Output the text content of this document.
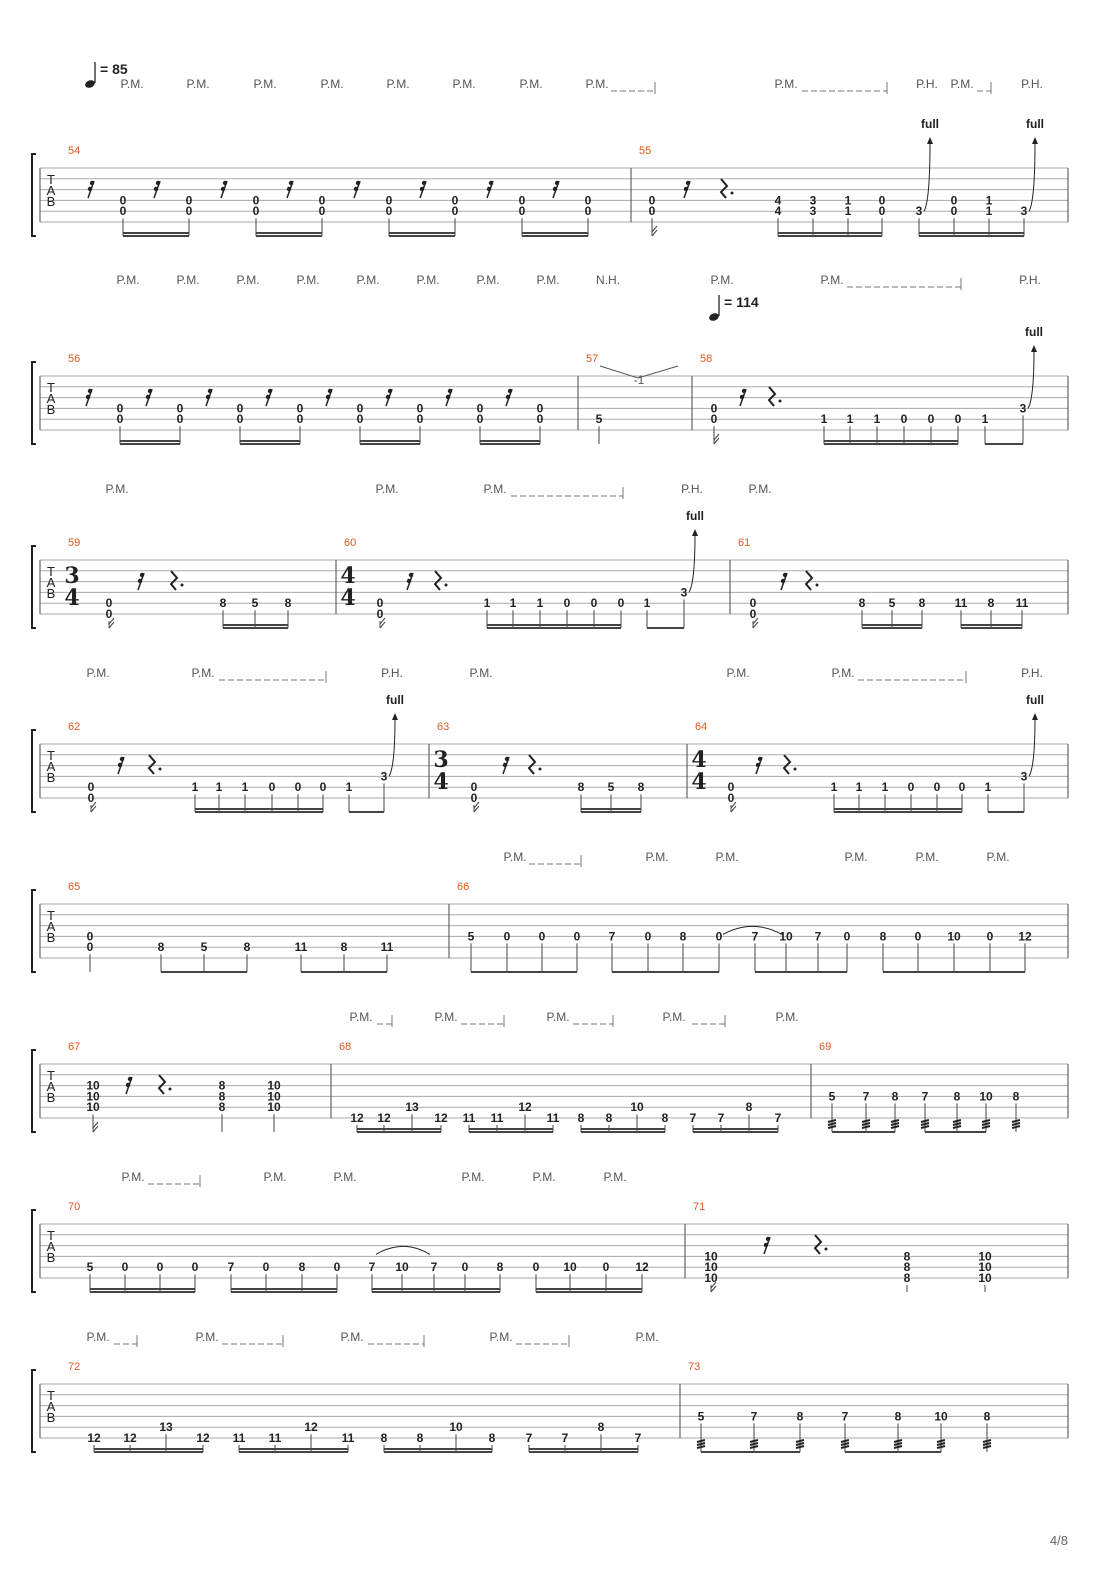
T
A
B
54	55
P.M.	P.M.	P.M.	P.M.	P.M.	P.M.	P.M.	P.M.	P.M.	P.H. P.M.	P.H.
0
0
0
0
0
0
0
0
0
0
0
0
0
0
0
0
0
0
4
4
3
3
1
1
0
0	3
0
0
1
1 3
full	full
T
A
B
56	57	58
P.M.	P.M.	P.M.	P.M.	P.M.	P.M.	P.M.	P.M.	N.H.	P.M.	P.M.	P.H.
0
0
0
0
0
0
0
0
0
0
0
0
0
0
0
0	5
0
0	1 1 1 0 0 0 1
3
full
-1
T
A
B
59
3
4
60
4
4
61
P.M.	P.M.	P.M.	P.H.	P.M.
0
0
8 5 8	0
0
1 1 1 0 0 0 1
3
0
0
8 5 8 11 8 11
full
T
A
B
62	63
3
4
64
4
4
P.M.	P.M.	P.H.	P.M.	P.M.	P.M.	P.H.
0
0
1 1 1 0 0 0 1
3
0
0
8 5 8	0
0
1 1 1 0 0 0 1
3
full	full
T
A
B
65	66
P.M.	P.M.	P.M.	P.M.	P.M.	P.M.
0
0	8	5	8	11	8	11
5 0 0 0 7 0 8 0 7 10 7 0 8 0 10 0 12
T
A
B
67	68	69
P.M.	P.M.	P.M.	P.M.	P.M.
10
10
10
8
8
8
10
10
10
12 12
13
12 11 11
12
11 8 8
10
8 7 7
8
7
5 7 8 7 8 10 8
T
A
B
70	71
P.M.	P.M.	P.M.	P.M.	P.M.	P.M.
5 0 0 0 7 0 8 0 7 10 7 0 8 0 10 0 12
10
10
10
8
8
8
10
10
10
T
A
B
72	73
P.M.	P.M.	P.M.	P.M.	P.M.
12 12
13
12 11 11
12
11 8 8
10
8	7 7
8
7
5	7	8	7	8	10	8
= 85
= 114
4/8
